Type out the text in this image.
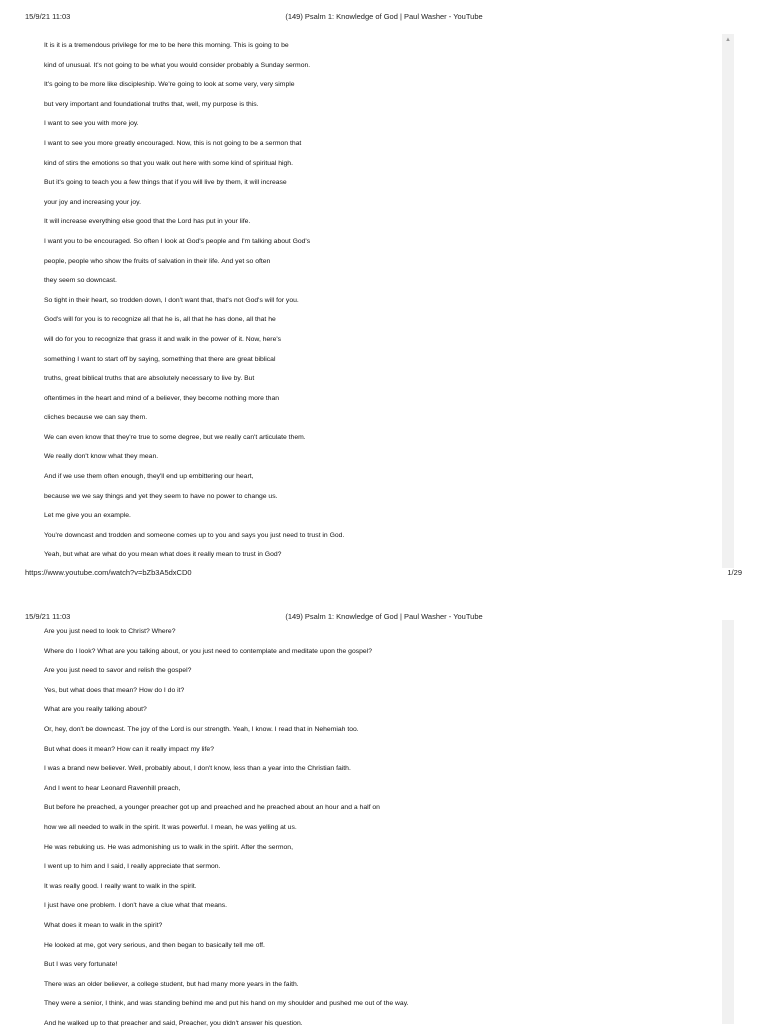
15/9/21 11:03	(149) Psalm 1: Knowledge of God | Paul Washer - YouTube
It is it is a tremendous privilege for me to be here this morning. This is going to be
kind of unusual. It's not going to be what you would consider probably a Sunday sermon.
It's going to be more like discipleship. We're going to look at some very, very simple
but very important and foundational truths that, well, my purpose is this.
I want to see you with more joy.
I want to see you more greatly encouraged. Now, this is not going to be a sermon that
kind of stirs the emotions so that you walk out here with some kind of spiritual high.
But it's going to teach you a few things that if you will live by them, it will increase
your joy and increasing your joy.
It will increase everything else good that the Lord has put in your life.
I want you to be encouraged. So often I look at God's people and I'm talking about God's
people, people who show the fruits of salvation in their life. And yet so often
they seem so downcast.
So tight in their heart, so trodden down, I don't want that, that's not God's will for you.
God's will for you is to recognize all that he is, all that he has done, all that he
will do for you to recognize that grass it and walk in the power of it. Now, here's
something I want to start off by saying, something that there are great biblical
truths, great biblical truths that are absolutely necessary to live by. But
oftentimes in the heart and mind of a believer, they become nothing more than
cliches because we can say them.
We can even know that they're true to some degree, but we really can't articulate them.
We really don't know what they mean.
And if we use them often enough, they'll end up embittering our heart,
because we we say things and yet they seem to have no power to change us.
Let me give you an example.
You're downcast and trodden and someone comes up to you and says you just need to trust in God.
Yeah, but what are what do you mean what does it really mean to trust in God?
▲
https://www.youtube.com/watch?v=bZb3A5dxCD0	1/29
15/9/21 11:03	(149) Psalm 1: Knowledge of God | Paul Washer - YouTube
Are you just need to look to Christ? Where?
Where do I look? What are you talking about, or you just need to contemplate and meditate upon the gospel?
Are you just need to savor and relish the gospel?
Yes, but what does that mean? How do I do it?
What are you really talking about?
Or, hey, don't be downcast. The joy of the Lord is our strength. Yeah, I know. I read that in Nehemiah too.
But what does it mean? How can it really impact my life?
I was a brand new believer. Well, probably about, I don't know, less than a year into the Christian faith.
And I went to hear Leonard Ravenhill preach,
But before he preached, a younger preacher got up and preached and he preached about an hour and a half on
how we all needed to walk in the spirit. It was powerful. I mean, he was yelling at us.
He was rebuking us. He was admonishing us to walk in the spirit. After the sermon,
I went up to him and I said, I really appreciate that sermon.
It was really good. I really want to walk in the spirit.
I just have one problem. I don't have a clue what that means.
What does it mean to walk in the spirit?
He looked at me, got very serious, and then began to basically tell me off.
But I was very fortunate!
There was an older believer, a college student, but had many more years in the faith.
They were a senior, I think, and was standing behind me and put his hand on my shoulder and pushed me out of the way.
And he walked up to that preacher and said, Preacher, you didn't answer his question.
